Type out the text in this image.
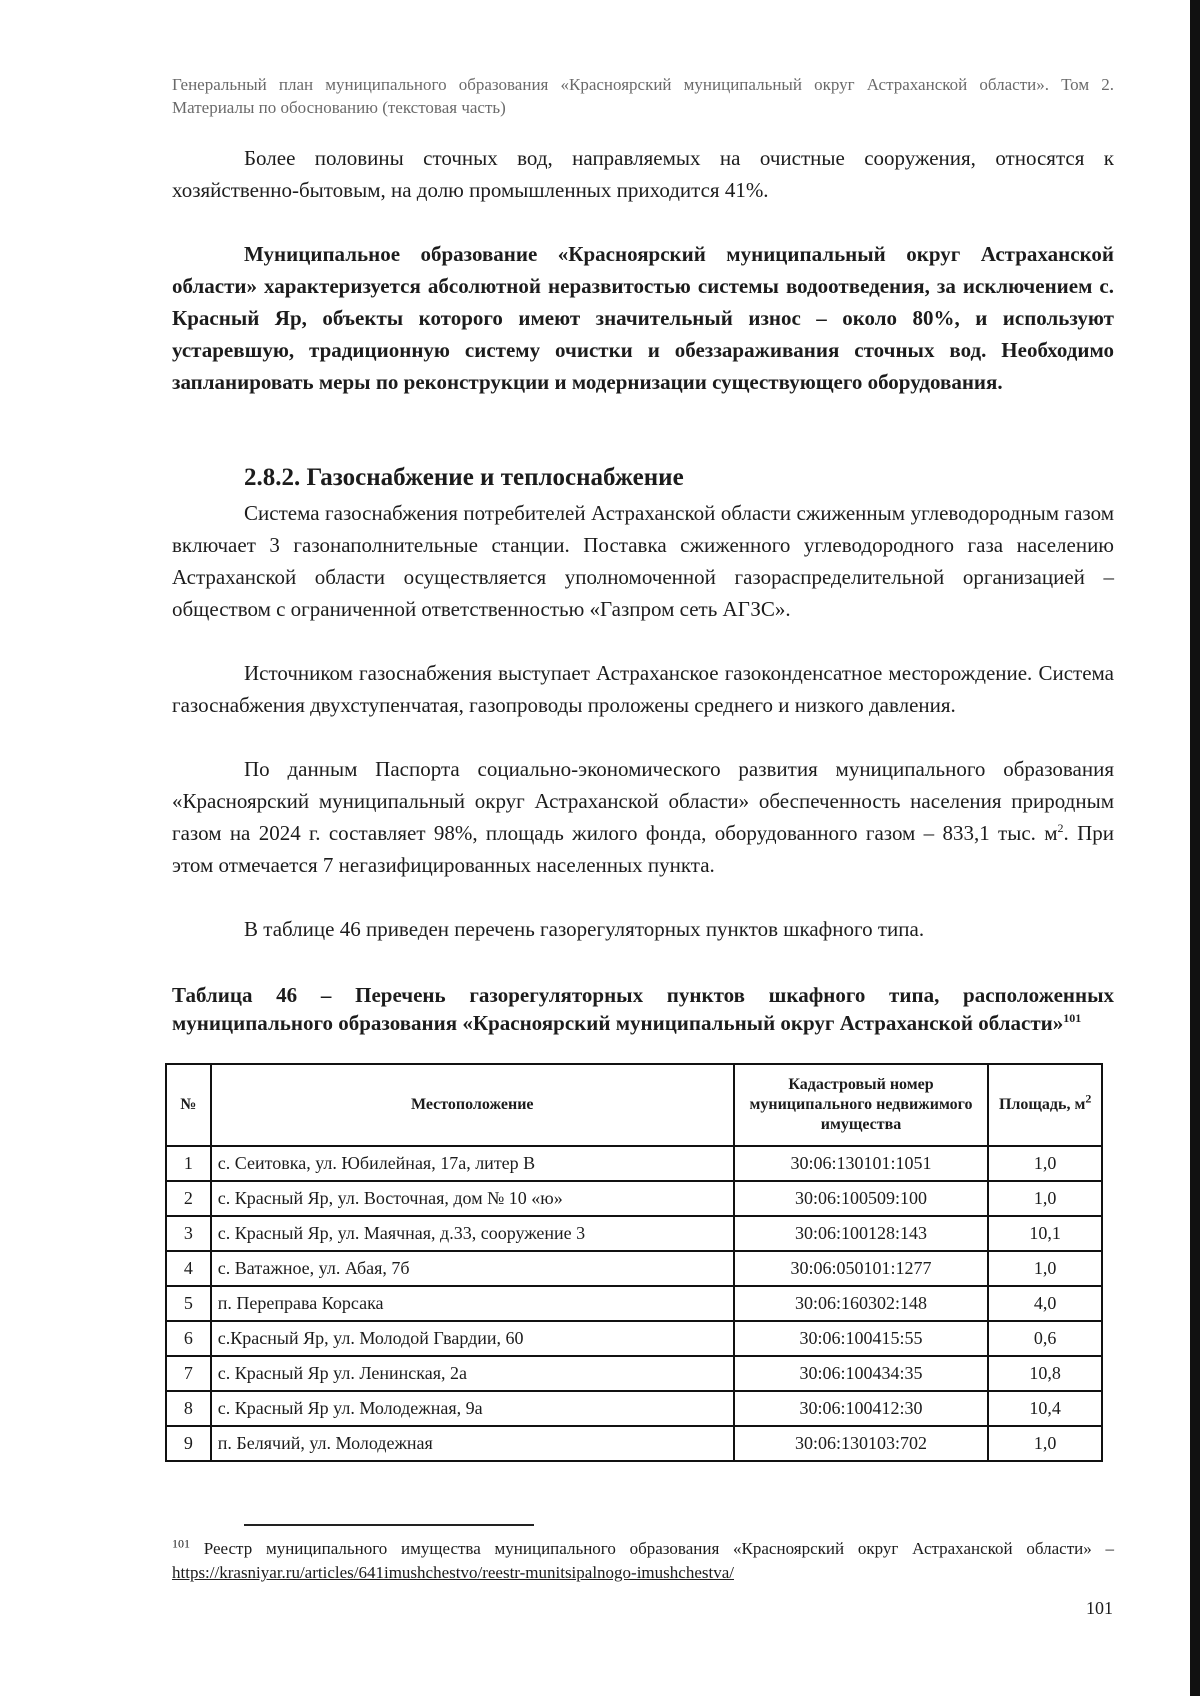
Генеральный план муниципального образования «Красноярский муниципальный округ Астраханской области». Том 2. Материалы по обоснованию (текстовая часть)

Более половины сточных вод, направляемых на очистные сооружения, относятся к хозяйственно-бытовым, на долю промышленных приходится 41%.

Муниципальное образование «Красноярский муниципальный округ Астраханской области» характеризуется абсолютной неразвитостью системы водоотведения, за исключением с. Красный Яр, объекты которого имеют значительный износ – около 80%, и используют устаревшую, традиционную систему очистки и обеззараживания сточных вод. Необходимо запланировать меры по реконструкции и модернизации существующего оборудования.

2.8.2. Газоснабжение и теплоснабжение

Система газоснабжения потребителей Астраханской области сжиженным углеводородным газом включает 3 газонаполнительные станции. Поставка сжиженного углеводородного газа населению Астраханской области осуществляется уполномоченной газораспределительной организацией – обществом с ограниченной ответственностью «Газпром сеть АГЗС».

Источником газоснабжения выступает Астраханское газоконденсатное месторождение. Система газоснабжения двухступенчатая, газопроводы проложены среднего и низкого давления.

По данным Паспорта социально-экономического развития муниципального образования «Красноярский муниципальный округ Астраханской области» обеспеченность населения природным газом на 2024 г. составляет 98%, площадь жилого фонда, оборудованного газом – 833,1 тыс. $м^2$. При этом отмечается 7 негазифицированных населенных пункта.

В таблице 46 приведен перечень газорегуляторных пунктов шкафного типа.

Таблица 46 – Перечень газорегуляторных пунктов шкафного типа, расположенных муниципального образования «Красноярский муниципальный округ Астраханской области»$^{101}$

№	Местоположение	Кадастровый номер муниципального недвижимого имущества	Площадь, $м^2$
1	с. Сеитовка, ул. Юбилейная, 17а, литер В	30:06:130101:1051	1,0
2	с. Красный Яр, ул. Восточная, дом № 10 «ю»	30:06:100509:100	1,0
3	с. Красный Яр, ул. Маячная, д.33, сооружение 3	30:06:100128:143	10,1
4	с. Ватажное, ул. Абая, 7б	30:06:050101:1277	1,0
5	п. Переправа Корсака	30:06:160302:148	4,0
6	с.Красный Яр, ул. Молодой Гвардии, 60	30:06:100415:55	0,6
7	с. Красный Яр ул. Ленинская, 2а	30:06:100434:35	10,8
8	с. Красный Яр ул. Молодежная, 9а	30:06:100412:30	10,4
9	п. Белячий, ул. Молодежная	30:06:130103:702	1,0

$^{101}$ Реестр муниципального имущества муниципального образования «Красноярский округ Астраханской области» – https://krasniyar.ru/articles/641imushchestvo/reestr-munitsipalnogo-imushchestva/

101
